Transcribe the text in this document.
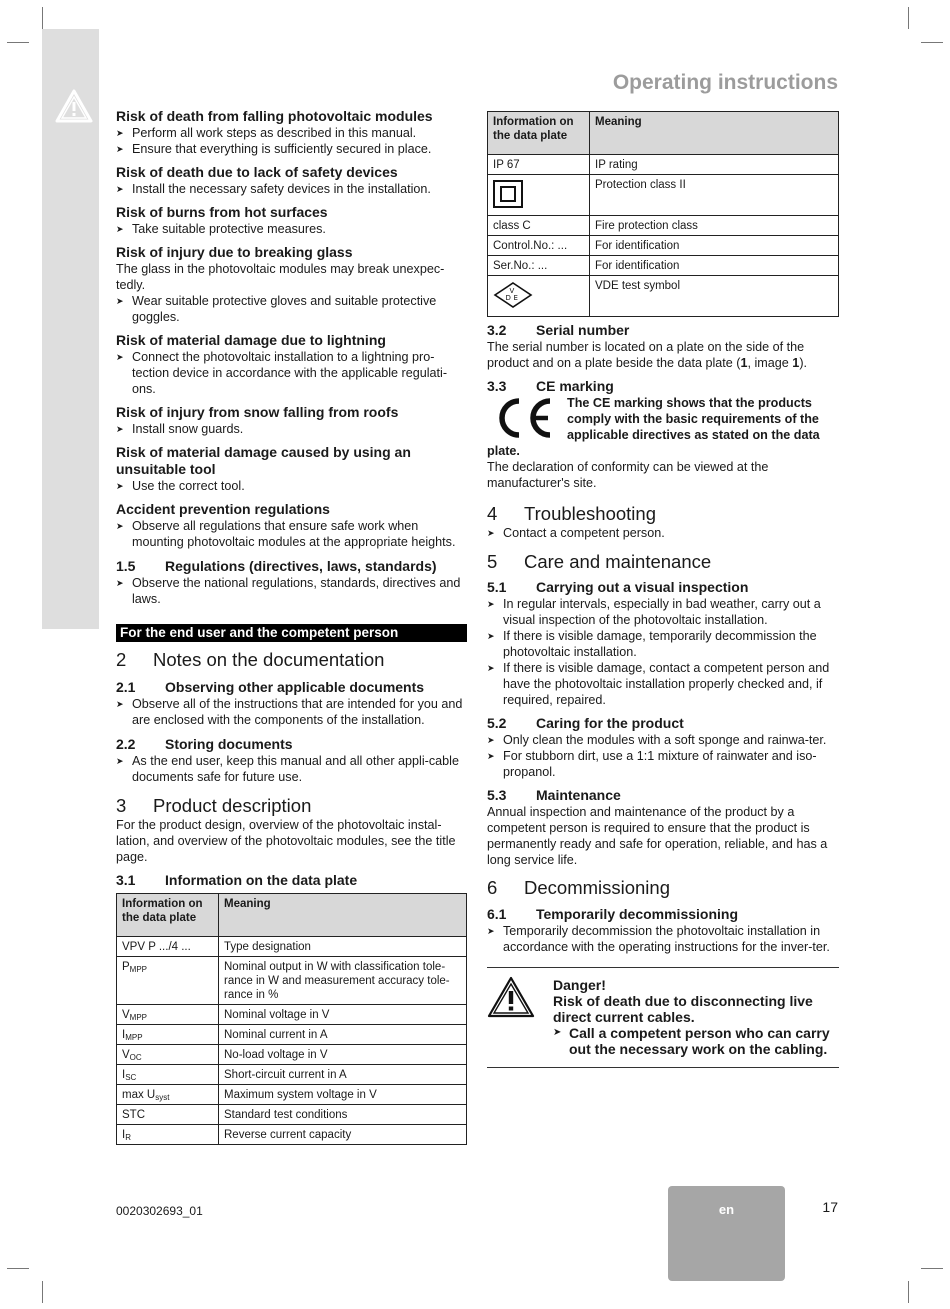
Operating instructions

Risk of death from falling photovoltaic modules

➤ Perform all work steps as described in this manual.

➤ Ensure that everything is sufficiently secured in place.

Risk of death due to lack of safety devices

➤ Install the necessary safety devices in the installation.

Risk of burns from hot surfaces

➤ Take suitable protective measures.

Risk of injury due to breaking glass

The glass in the photovoltaic modules may break unexpec-tedly.

➤ Wear suitable protective gloves and suitable protective goggles.

Risk of material damage due to lightning

➤ Connect the photovoltaic installation to a lightning pro-tection device in accordance with the applicable regulati-ons.

Risk of injury from snow falling from roofs

➤ Install snow guards.

Risk of material damage caused by using an unsuitable tool

➤ Use the correct tool.

Accident prevention regulations

➤ Observe all regulations that ensure safe work when mounting photovoltaic modules at the appropriate heights.

1.5 Regulations (directives, laws, standards)

➤ Observe the national regulations, standards, directives and laws.

For the end user and the competent person
2 Notes on the documentation
2.1 Observing other applicable documents

➤ Observe all of the instructions that are intended for you and are enclosed with the components of the installation.

2.2 Storing documents

➤ As the end user, keep this manual and all other appli-cable documents safe for future use.

3 Product description

For the product design, overview of the photovoltaic instal-lation, and overview of the photovoltaic modules, see the title page.

3.1 Information on the data plate
Information on the data plate	Meaning
VPV P .../4 ...	Type designation
$P_{MPP}$	Nominal output in W with classification tole-rance in W and measurement accuracy tole-rance in %
$V_{MPP}$	Nominal voltage in V
$I_{MPP}$	Nominal current in A
$V_{OC}$	No-load voltage in V
$I_{SC}$	Short-circuit current in A
$\max U_{syst}$	Maximum system voltage in V
STC	Standard test conditions
$I_R$	Reverse current capacity
Information on the data plate	Meaning
IP 67	IP rating
	Protection class II
class C	Fire protection class
Control.No.: ...	For identification
Ser.No.: ...	For identification

V
D E	VDE test symbol
3.2 Serial number

The serial number is located on a plate on the side of the product and on a plate beside the data plate (1, image 1).

3.3 CE marking
The CE marking shows that the products comply with the basic requirements of the applicable directives as stated on the data plate.

The declaration of conformity can be viewed at the manufacturer's site.

4 Troubleshooting

➤ Contact a competent person.

5 Care and maintenance
5.1 Carrying out a visual inspection

➤ In regular intervals, especially in bad weather, carry out a visual inspection of the photovoltaic installation.

➤ If there is visible damage, temporarily decommission the photovoltaic installation.

➤ If there is visible damage, contact a competent person and have the photovoltaic installation properly checked and, if required, repaired.

5.2 Caring for the product

➤ Only clean the modules with a soft sponge and rainwa-ter.

➤ For stubborn dirt, use a 1:1 mixture of rainwater and iso-propanol.

5.3 Maintenance

Annual inspection and maintenance of the product by a competent person is required to ensure that the product is permanently ready and safe for operation, reliable, and has a long service life.

6 Decommissioning
6.1 Temporarily decommissioning

➤ Temporarily decommission the photovoltaic installation in accordance with the operating instructions for the inver-ter.

Danger!

Risk of death due to disconnecting live direct current cables.

➤ Call a competent person who can carry out the necessary work on the cabling.

0020302693_01	en	17
